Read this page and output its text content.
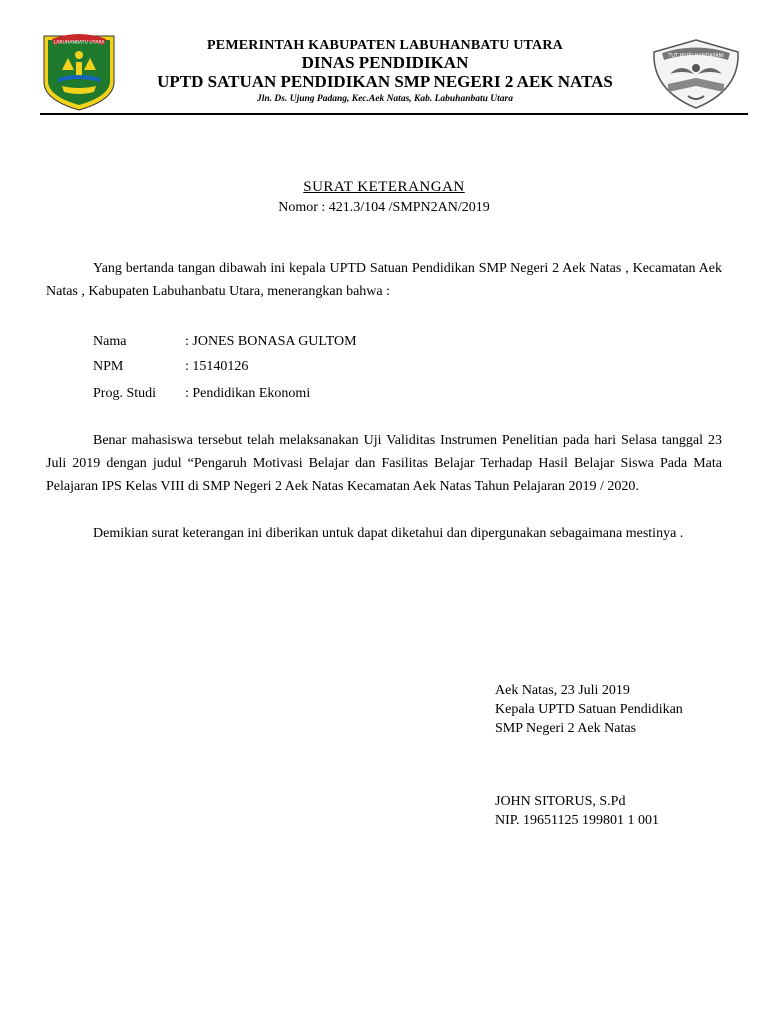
LABUHANBATU UTARA
TUT WURI HANDAYANI
PEMERINTAH KABUPATEN LABUHANBATU UTARA
DINAS PENDIDIKAN
UPTD SATUAN PENDIDIKAN SMP NEGERI 2 AEK NATAS
Jln. Ds. Ujung Padang, Kec.Aek Natas, Kab. Labuhanbatu Utara
SURAT KETERANGAN
Nomor : 421.3/104 /SMPN2AN/2019

Yang bertanda tangan dibawah ini kepala UPTD Satuan Pendidikan SMP Negeri 2 Aek Natas , Kecamatan Aek Natas , Kabupaten Labuhanbatu Utara, menerangkan bahwa :

Nama	: JONES BONASA GULTOM
NPM	: 15140126
Prog. Studi : Pendidikan Ekonomi

Benar mahasiswa tersebut telah melaksanakan Uji Validitas Instrumen Penelitian pada hari Selasa tanggal 23 Juli 2019 dengan judul “Pengaruh Motivasi Belajar dan Fasilitas Belajar Terhadap Hasil Belajar Siswa Pada Mata Pelajaran IPS Kelas VIII di SMP Negeri 2 Aek Natas Kecamatan Aek Natas Tahun Pelajaran 2019 / 2020.

Demikian surat keterangan ini diberikan untuk dapat diketahui dan dipergunakan sebagaimana mestinya .

Aek Natas, 23 Juli 2019
Kepala UPTD Satuan Pendidikan
SMP Negeri 2 Aek Natas
JOHN SITORUS, S.Pd
NIP. 19651125 199801 1 001
